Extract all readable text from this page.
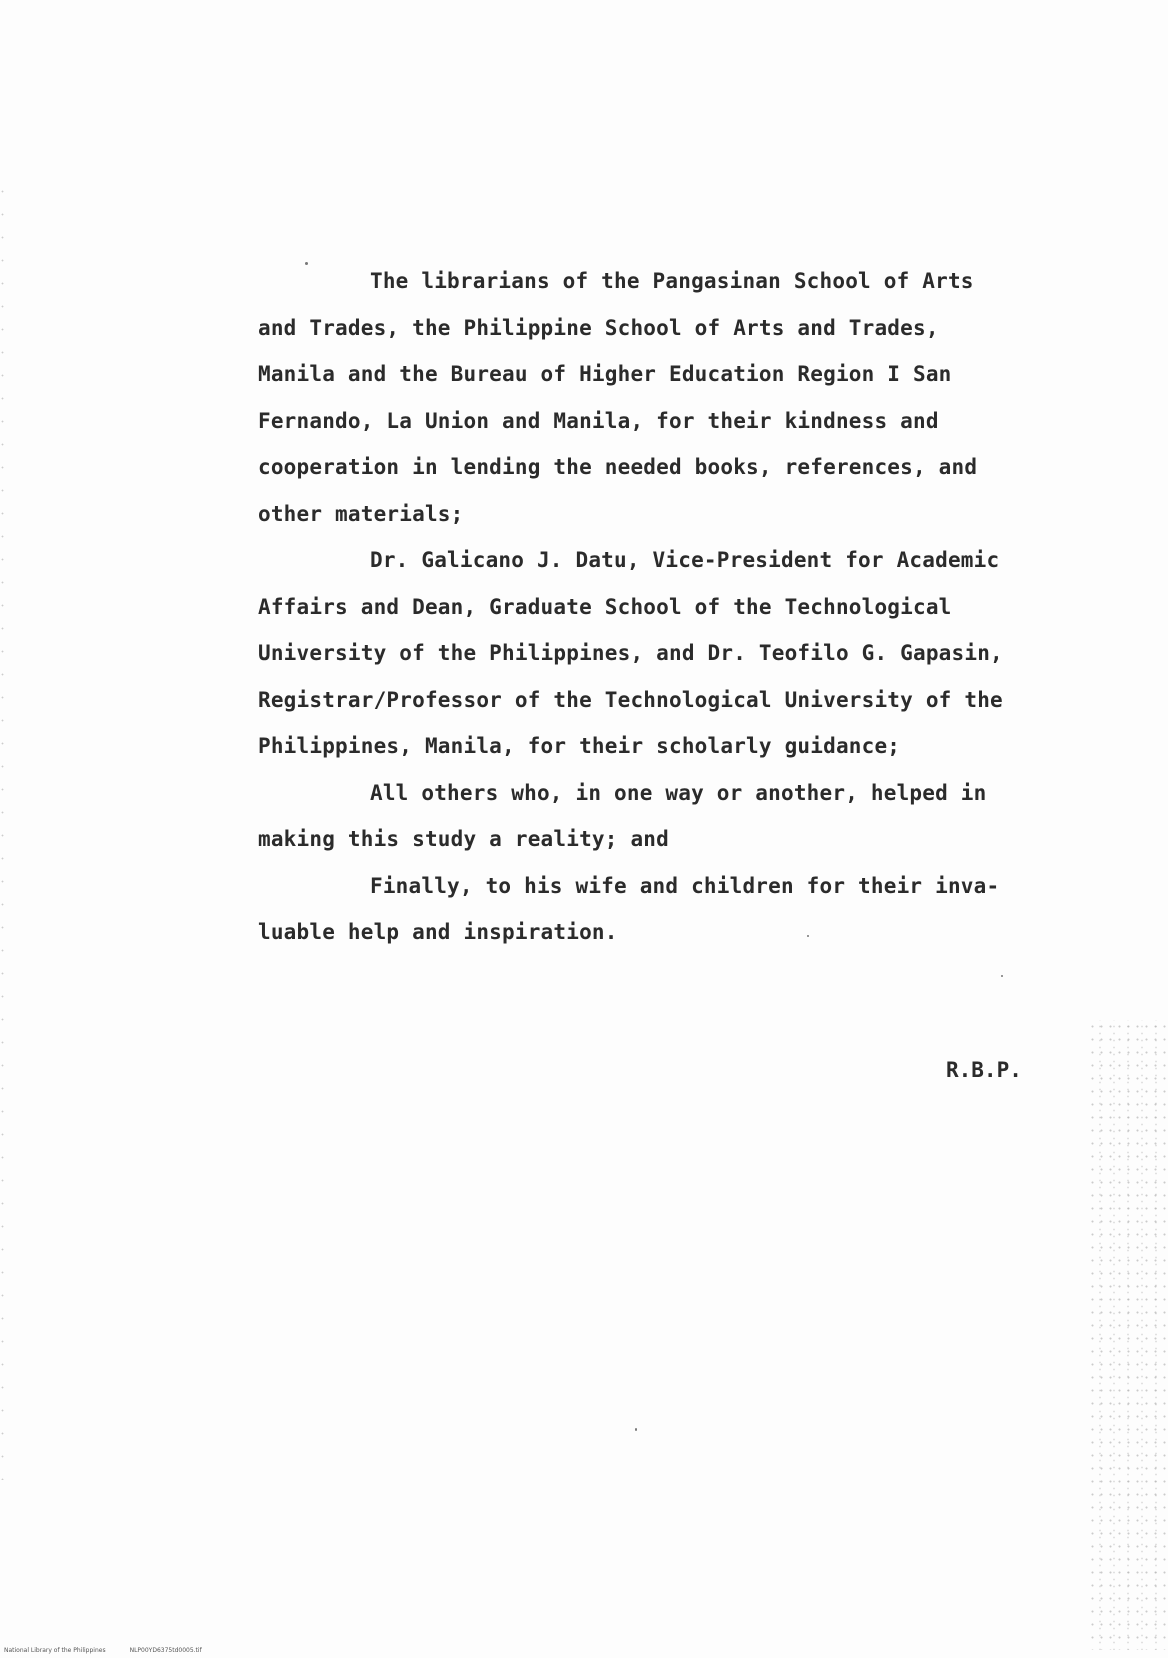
The librarians of the Pangasinan School of Arts
and Trades, the Philippine School of Arts and Trades,
Manila and the Bureau of Higher Education Region I San
Fernando, La Union and Manila, for their kindness and
cooperation in lending the needed books, references, and
other materials;
Dr. Galicano J. Datu, Vice-President for Academic
Affairs and Dean, Graduate School of the Technological
University of the Philippines, and Dr. Teofilo G. Gapasin,
Registrar/Professor of the Technological University of the
Philippines, Manila, for their scholarly guidance;
All others who, in one way or another, helped in
making this study a reality; and
Finally, to his wife and children for their inva-
luable help and inspiration.
R.B.P.
National Library of the Philippines	NLP00YD6375td0005.tif
